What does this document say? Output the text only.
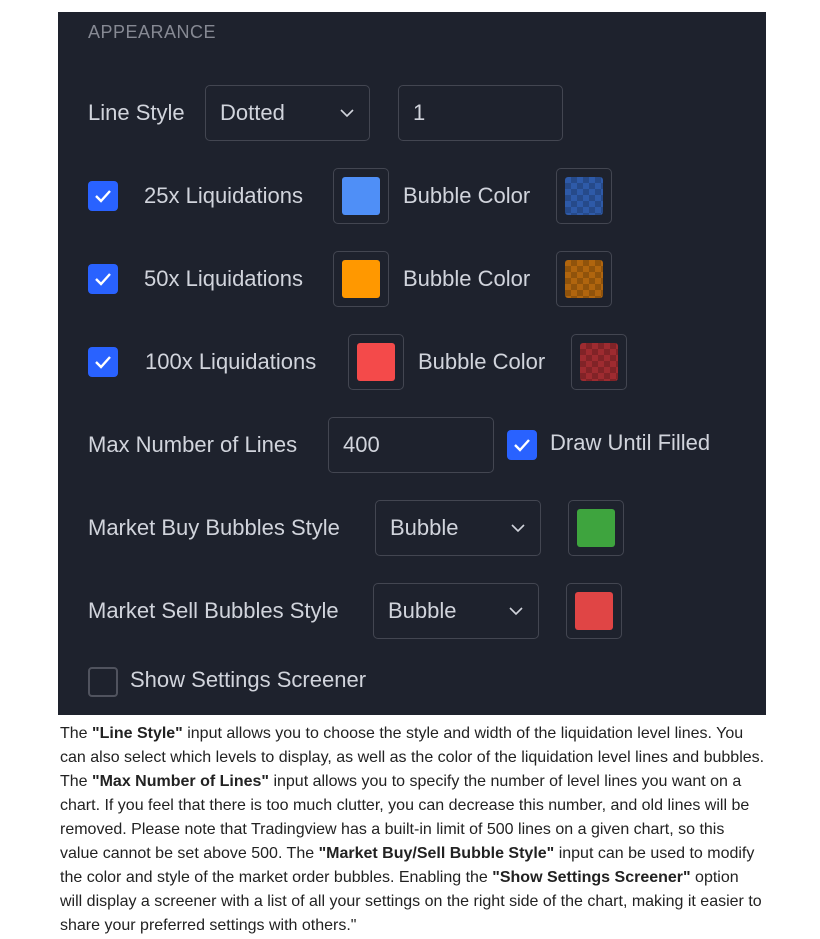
APPEARANCE
Line Style	Dotted	1
25x Liquidations	Bubble Color
50x Liquidations	Bubble Color
100x Liquidations	Bubble Color
Max Number of Lines	400	Draw Until Filled
Market Buy Bubbles Style	Bubble
Market Sell Bubbles Style	Bubble
Show Settings Screener
The "Line Style" input allows you to choose the style and width of the liquidation level lines. You can also select which levels to display, as well as the color of the liquidation level lines and bubbles. The "Max Number of Lines" input allows you to specify the number of level lines you want on a chart. If you feel that there is too much clutter, you can decrease this number, and old lines will be removed. Please note that Tradingview has a built-in limit of 500 lines on a given chart, so this value cannot be set above 500. The "Market Buy/Sell Bubble Style" input can be used to modify the color and style of the market order bubbles. Enabling the "Show Settings Screener" option will display a screener with a list of all your settings on the right side of the chart, making it easier to share your preferred settings with others."
